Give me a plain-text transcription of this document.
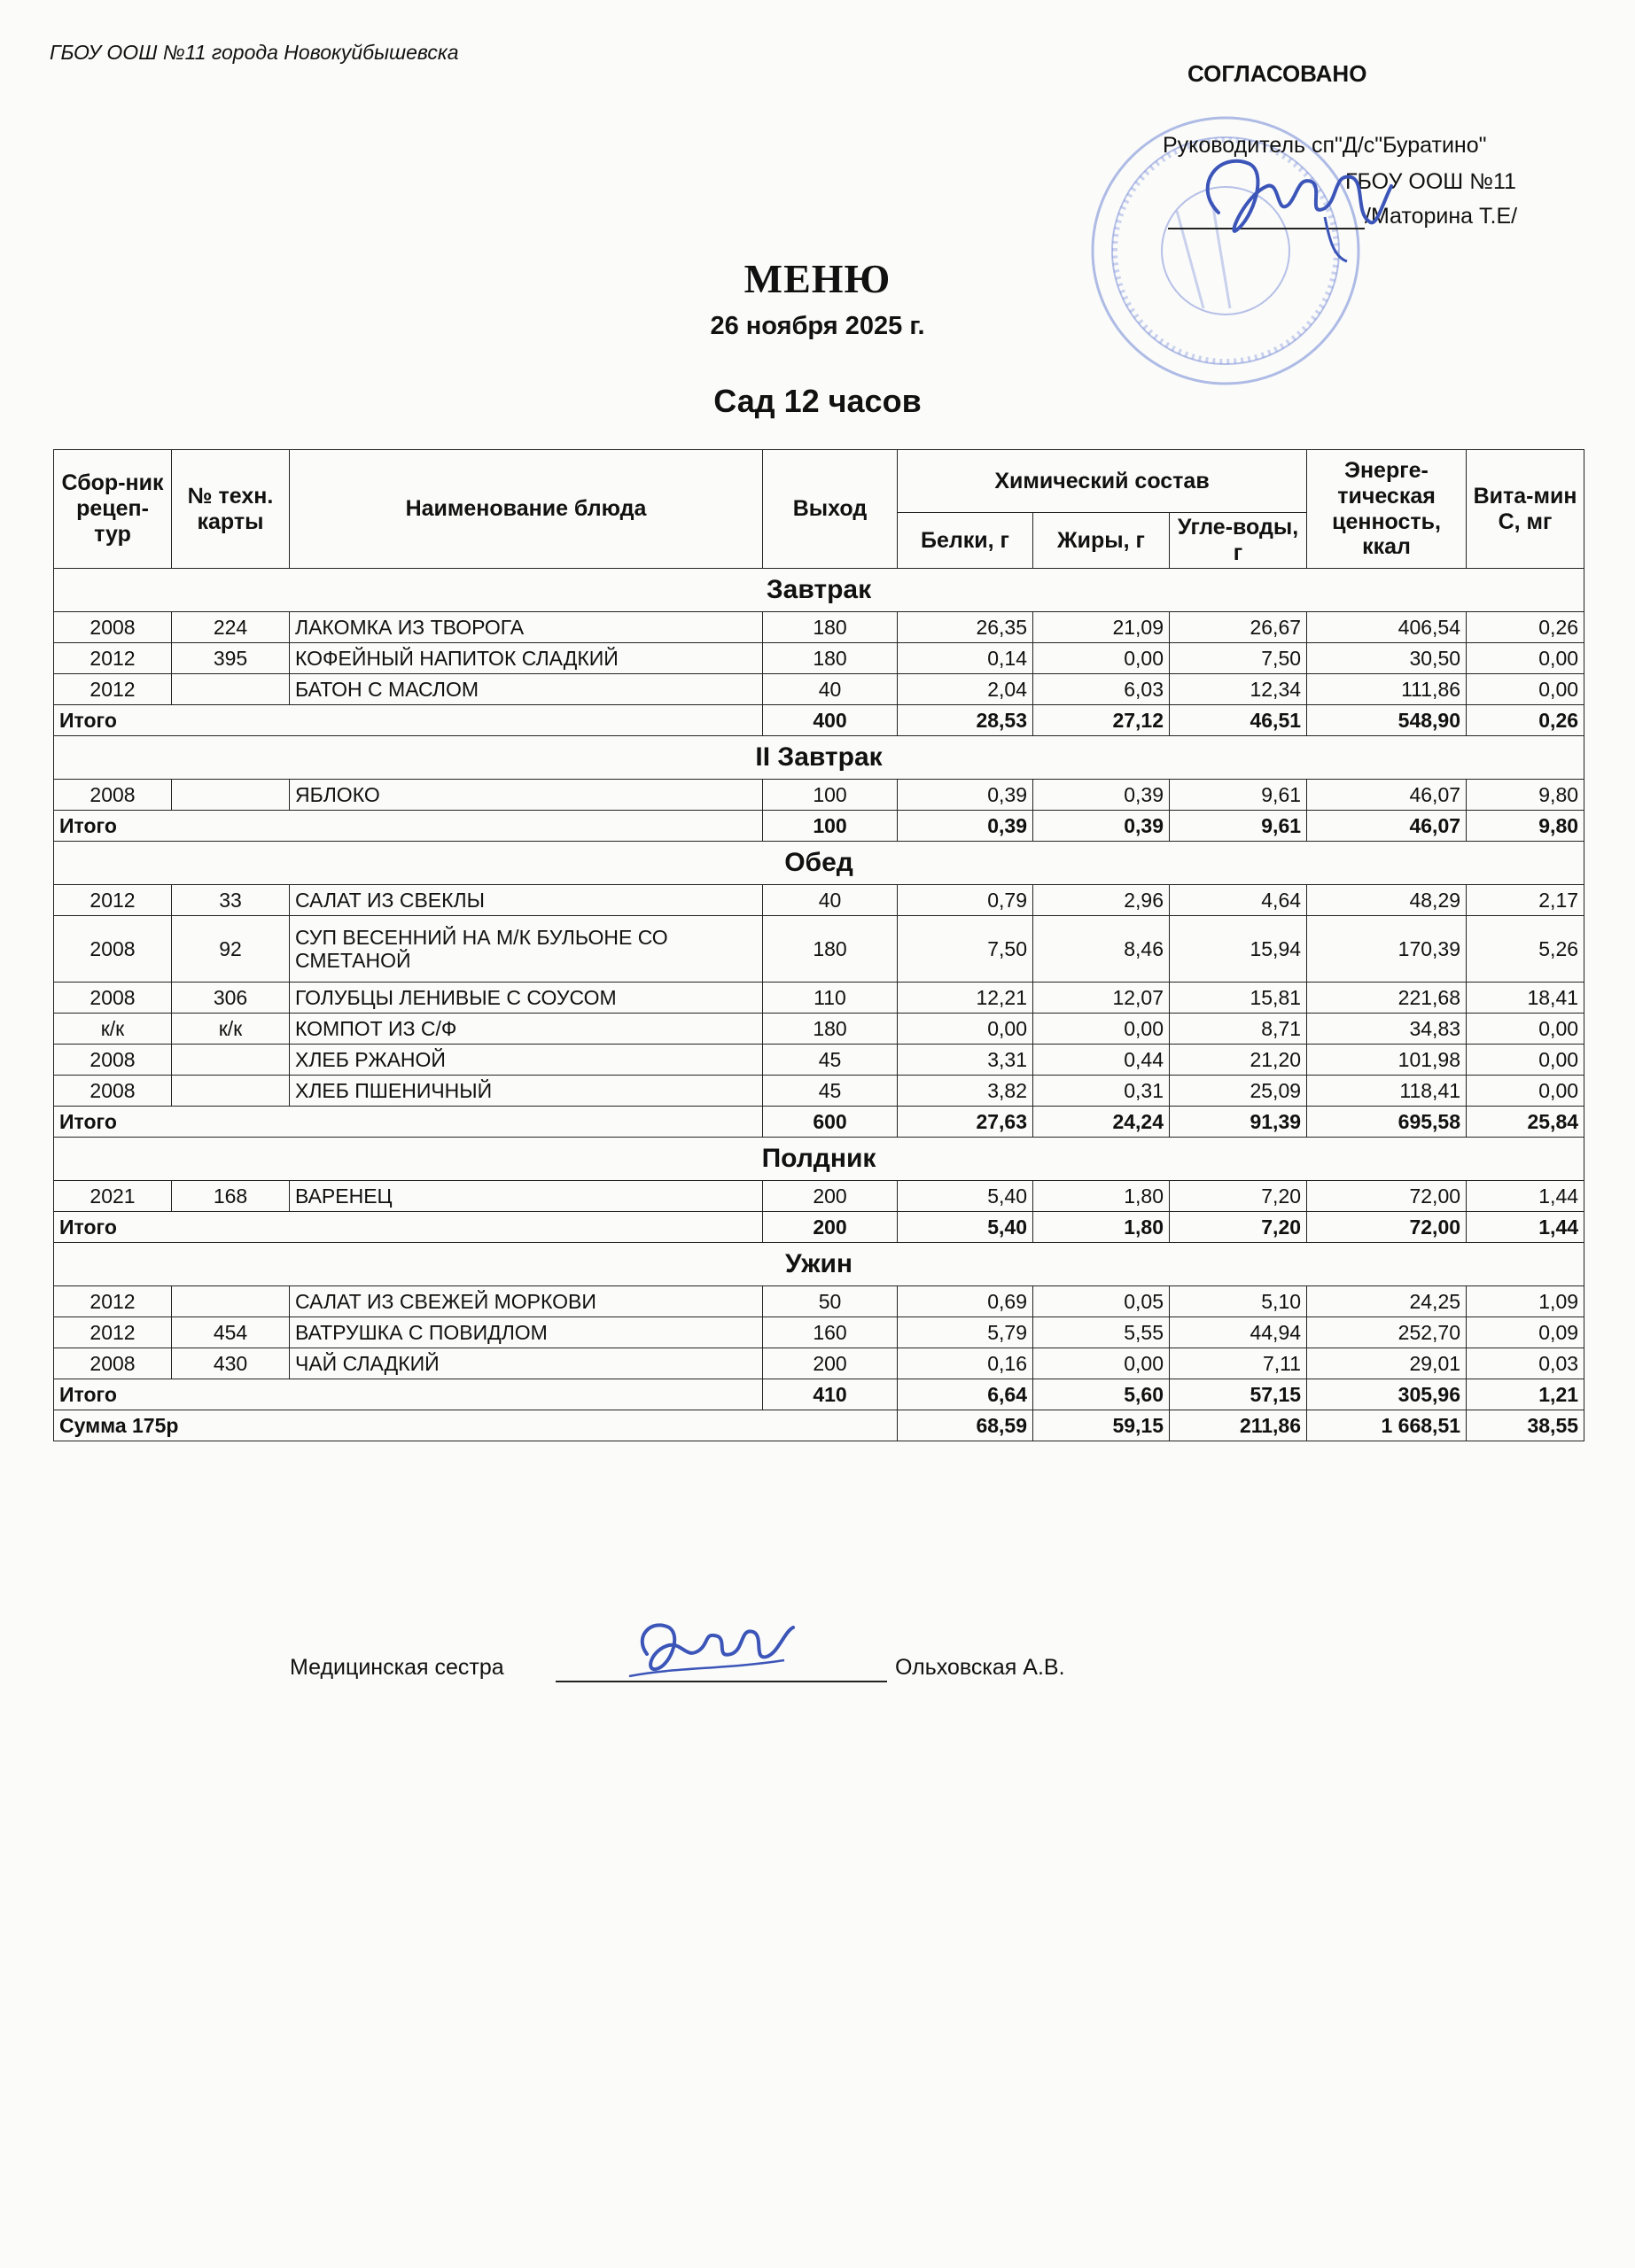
ГБОУ ООШ №11 города Новокуйбышевска
СОГЛАСОВАНО
Руководитель сп"Д/с"Буратино"
ГБОУ ООШ №11
/Маторина Т.Е/
МЕНЮ
26 ноября 2025 г.
Сад 12 часов
Сбор-ник рецеп-тур	№ техн. карты	Наименование блюда	Выход	Химический состав			Энерге-тическая ценность, ккал	Вита-мин С, мг
				Белки, г	Жиры, г	Угле-воды, г		
Завтрак								
2008	224	ЛАКОМКА ИЗ ТВОРОГА	180	26,35	21,09	26,67	406,54	0,26
2012	395	КОФЕЙНЫЙ НАПИТОК СЛАДКИЙ	180	0,14	0,00	7,50	30,50	0,00
2012		БАТОН С МАСЛОМ	40	2,04	6,03	12,34	111,86	0,00
Итого			400	28,53	27,12	46,51	548,90	0,26
II Завтрак								
2008		ЯБЛОКО	100	0,39	0,39	9,61	46,07	9,80
Итого			100	0,39	0,39	9,61	46,07	9,80
Обед								
2012	33	САЛАТ ИЗ СВЕКЛЫ	40	0,79	2,96	4,64	48,29	2,17
2008	92	СУП ВЕСЕННИЙ НА М/К БУЛЬОНЕ СО СМЕТАНОЙ	180	7,50	8,46	15,94	170,39	5,26
2008	306	ГОЛУБЦЫ ЛЕНИВЫЕ С СОУСОМ	110	12,21	12,07	15,81	221,68	18,41
к/к	к/к	КОМПОТ ИЗ С/Ф	180	0,00	0,00	8,71	34,83	0,00
2008		ХЛЕБ РЖАНОЙ	45	3,31	0,44	21,20	101,98	0,00
2008		ХЛЕБ ПШЕНИЧНЫЙ	45	3,82	0,31	25,09	118,41	0,00
Итого			600	27,63	24,24	91,39	695,58	25,84
Полдник								
2021	168	ВАРЕНЕЦ	200	5,40	1,80	7,20	72,00	1,44
Итого			200	5,40	1,80	7,20	72,00	1,44
Ужин								
2012		САЛАТ ИЗ СВЕЖЕЙ МОРКОВИ	50	0,69	0,05	5,10	24,25	1,09
2012	454	ВАТРУШКА С ПОВИДЛОМ	160	5,79	5,55	44,94	252,70	0,09
2008	430	ЧАЙ СЛАДКИЙ	200	0,16	0,00	7,11	29,01	0,03
Итого			410	6,64	5,60	57,15	305,96	1,21
Сумма 175р				68,59	59,15	211,86	1 668,51	38,55
Медицинская сестра	Ольховская А.В.
